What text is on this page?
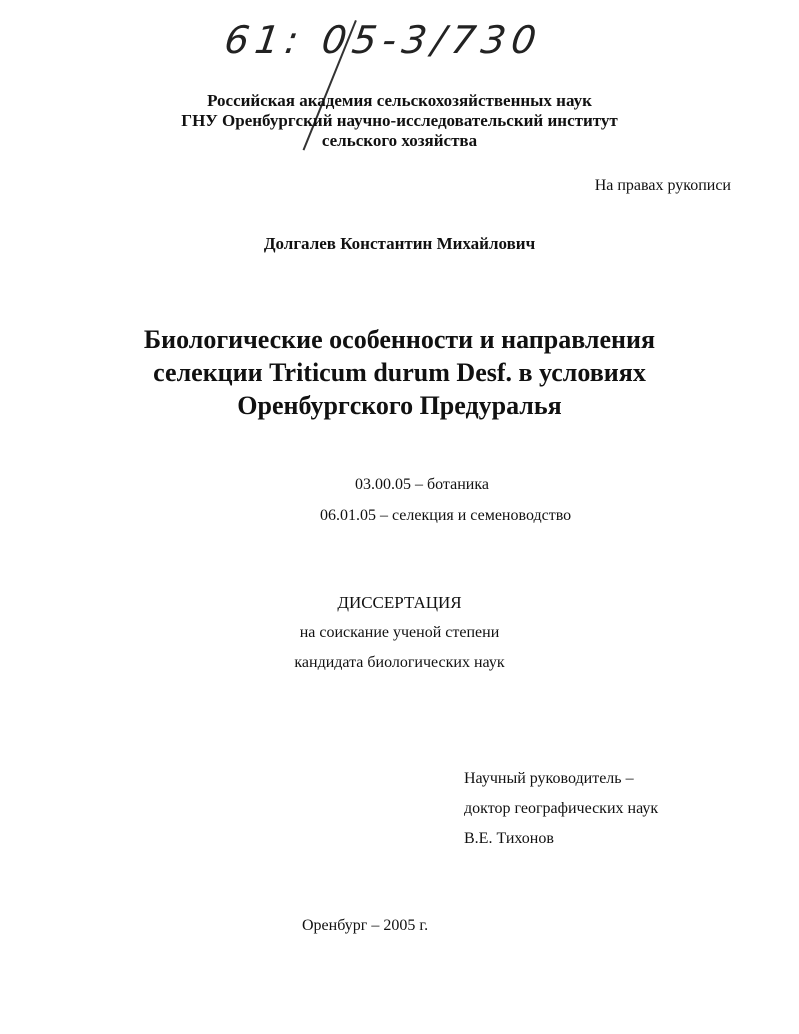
61: 05-3/730
Российская академия сельскохозяйственных наук
ГНУ Оренбургский научно-исследовательский институт
сельского хозяйства
На правах рукописи
Долгалев Константин Михайлович
Биологические особенности и направления
селекции Triticum durum Desf. в условиях
Оренбургского Предуралья
03.00.05 – ботаника
06.01.05 – селекция и семеноводство
ДИССЕРТАЦИЯ
на соискание ученой степени
кандидата биологических наук
Научный руководитель –
доктор географических наук
В.Е. Тихонов
Оренбург – 2005 г.
